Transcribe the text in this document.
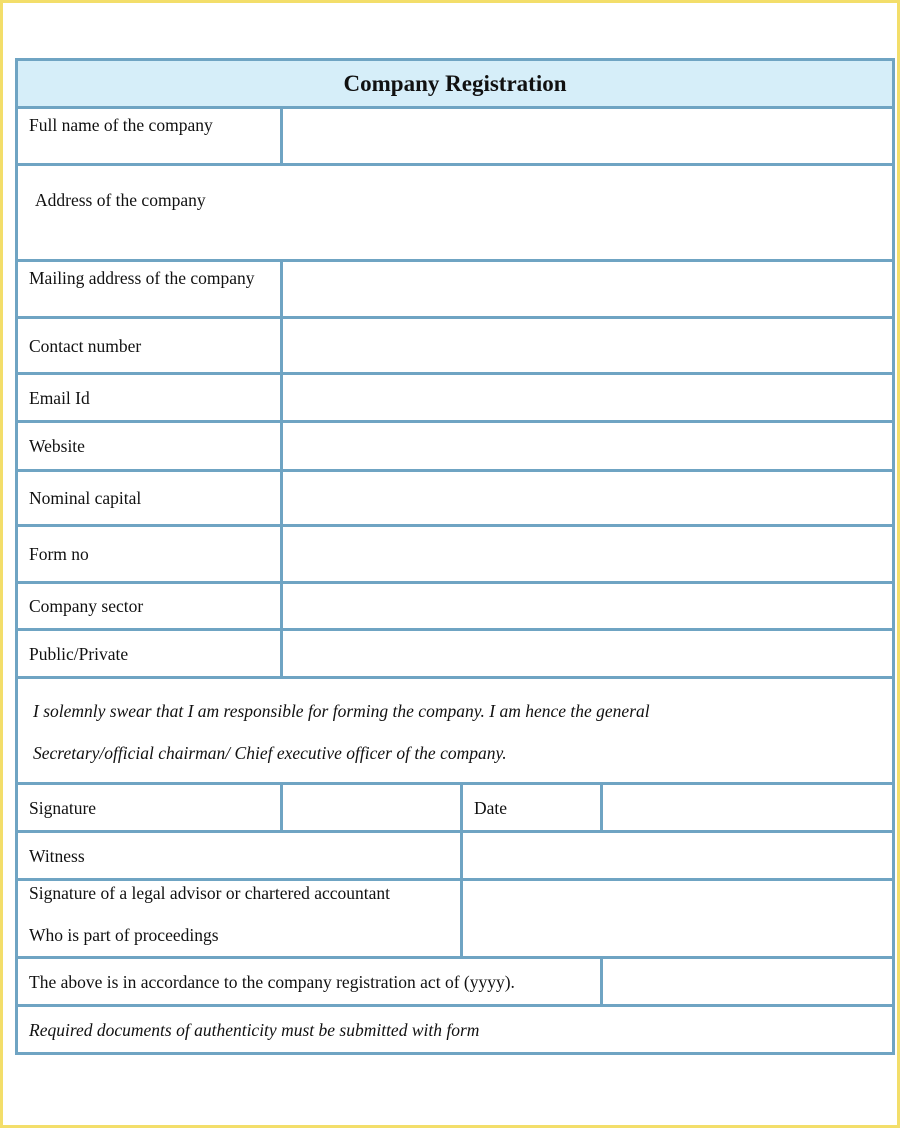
Company Registration			
Full name of the company			
Address of the company			
Mailing address of the company			
Contact number			
Email Id			
Website			
Nominal capital			
Form no			
Company sector			
Public/Private			

I solemnly swear that I am responsible for forming the company. I am hence the general
Secretary/official chairman/ Chief executive officer of the company.			

Signature		Date	
Witness			

Signature of a legal advisor or chartered accountant
Who is part of proceedings			

The above is in accordance to the company registration act of (yyyy).			
Required documents of authenticity must be submitted with form			
